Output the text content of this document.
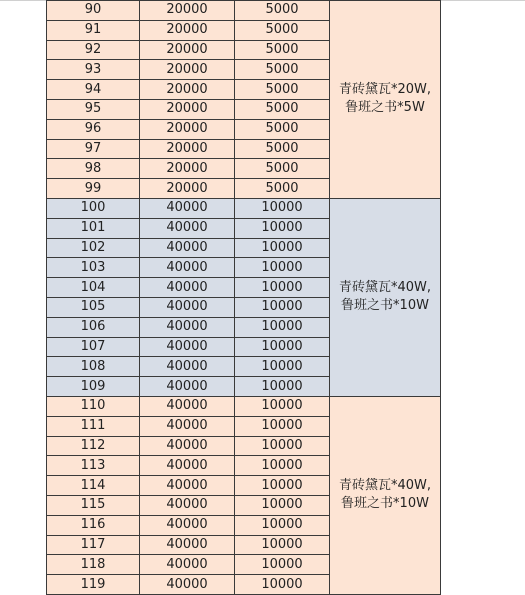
90	20000	5000	青砖黛瓦*20W,
鲁班之书*5W

91	20000	5000	
92	20000	5000	
93	20000	5000	
94	20000	5000	
95	20000	5000	
96	20000	5000	
97	20000	5000	
98	20000	5000	
99	20000	5000	
100	40000	10000	青砖黛瓦*40W,
鲁班之书*10W

101	40000	10000	
102	40000	10000	
103	40000	10000	
104	40000	10000	
105	40000	10000	
106	40000	10000	
107	40000	10000	
108	40000	10000	
109	40000	10000	
110	40000	10000	青砖黛瓦*40W,
鲁班之书*10W

111	40000	10000	
112	40000	10000	
113	40000	10000	
114	40000	10000	
115	40000	10000	
116	40000	10000	
117	40000	10000	
118	40000	10000	
119	40000	10000	
